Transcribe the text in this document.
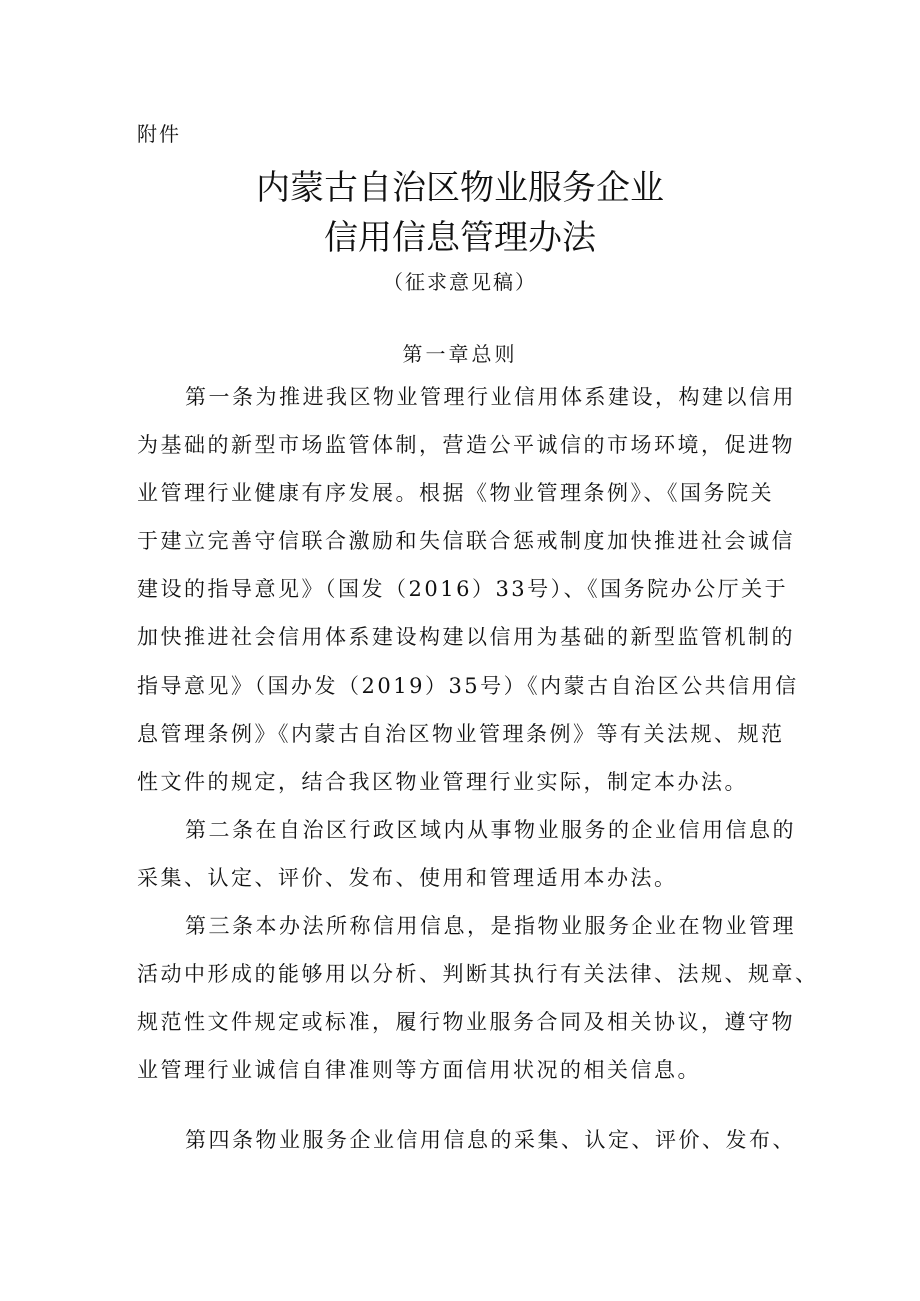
附件
内蒙古自治区物业服务企业
信用信息管理办法
（征求意见稿）
第一章总则
第一条为推进我区物业管理行业信用体系建设，构建以信用
为基础的新型市场监管体制，营造公平诚信的市场环境，促进物
业管理行业健康有序发展。根据《物业管理条例》、《国务院关
于建立完善守信联合激励和失信联合惩戒制度加快推进社会诚信
建设的指导意见》（国发（2016）33号）、《国务院办公厅关于
加快推进社会信用体系建设构建以信用为基础的新型监管机制的
指导意见》（国办发（2019）35号）《内蒙古自治区公共信用信
息管理条例》《内蒙古自治区物业管理条例》等有关法规、规范
性文件的规定，结合我区物业管理行业实际，制定本办法。
第二条在自治区行政区域内从事物业服务的企业信用信息的
采集、认定、评价、发布、使用和管理适用本办法。
第三条本办法所称信用信息，是指物业服务企业在物业管理
活动中形成的能够用以分析、判断其执行有关法律、法规、规章、
规范性文件规定或标准，履行物业服务合同及相关协议，遵守物
业管理行业诚信自律准则等方面信用状况的相关信息。
第四条物业服务企业信用信息的采集、认定、评价、发布、
